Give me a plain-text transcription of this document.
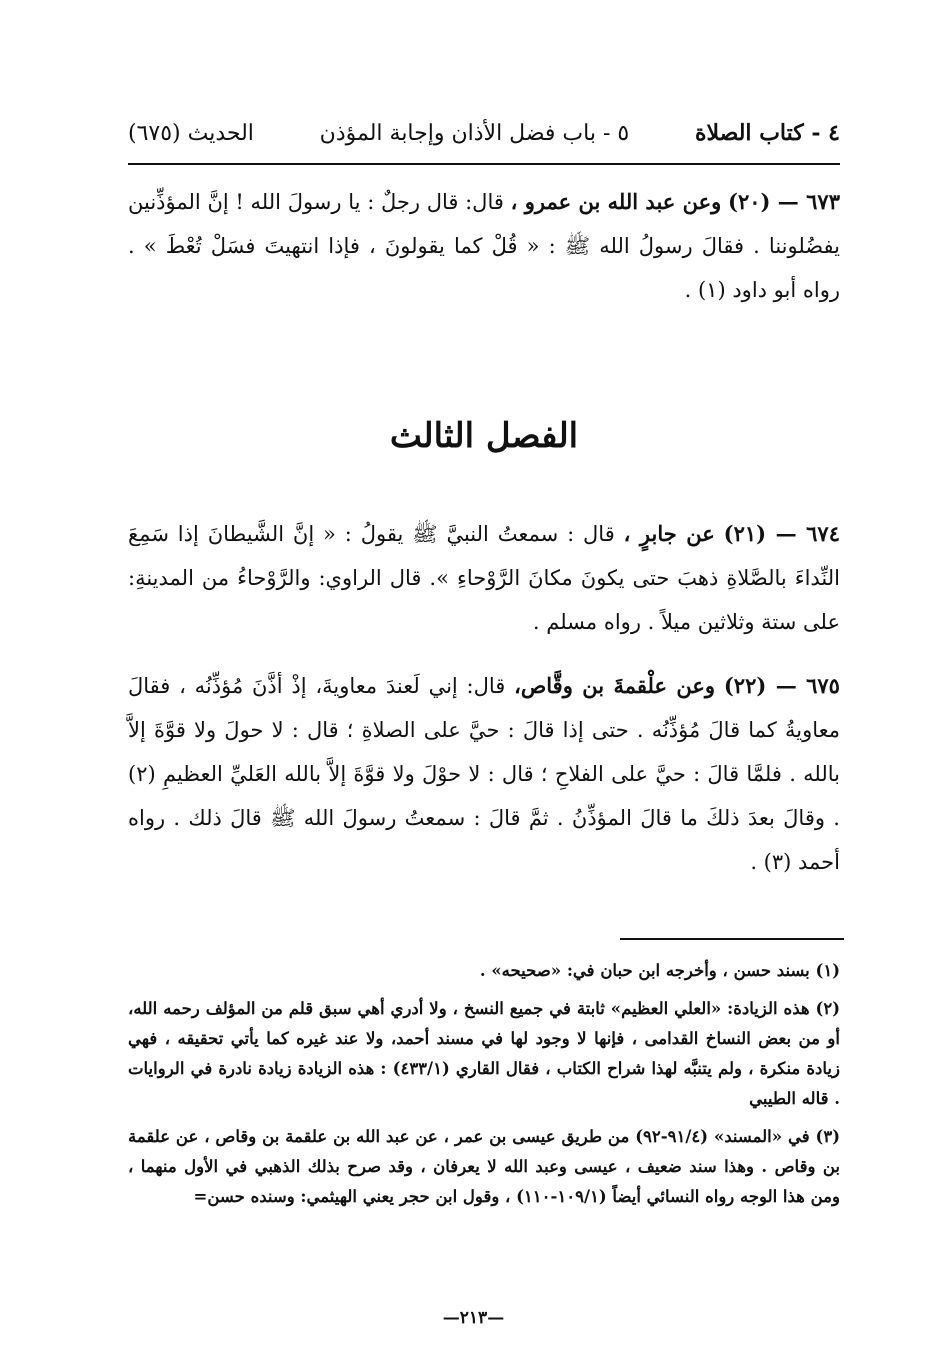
٤ - كتاب الصلاة
٥ - باب فضل الأذان وإجابة المؤذن
الحديث (٦٧٥)
٦٧٣ — (٢٠) وعن عبد الله بن عمرو ، قال: قال رجلٌ : يا رسولَ الله ! إنَّ المؤذِّنين يفضُلوننا . فقالَ رسولُ الله ﷺ : « قُلْ كما يقولونَ ، فإذا انتهيتَ فسَلْ تُعْطَ » . رواه أبو داود (١) .
الفصل الثالث
٦٧٤ — (٢١) عن جابرٍ ، قال : سمعتُ النبيَّ ﷺ يقولُ : « إنَّ الشَّيطانَ إذا سَمِعَ النِّداءَ بالصَّلاةِ ذهبَ حتى يكونَ مكانَ الرَّوْحاءِ ». قال الراوي: والرَّوْحاءُ من المدينةِ: على ستة وثلاثين ميلاً . رواه مسلم .
٦٧٥ — (٢٢) وعن علْقمةَ بن وقَّاص، قال: إني لَعندَ معاويةَ، إذْ أذَّنَ مُؤذِّنُه ، فقالَ معاويةُ كما قالَ مُؤذِّنُه . حتى إذا قالَ : حيَّ على الصلاةِ ؛ قال : لا حولَ ولا قوَّةَ إلاَّ بالله . فلمَّا قالَ : حيَّ على الفلاحِ ؛ قال : لا حوْلَ ولا قوَّةَ إلاَّ بالله العَليِّ العظيمِ (٢) . وقالَ بعدَ ذلكَ ما قالَ المؤذِّنُ . ثمَّ قالَ : سمعتُ رسولَ الله ﷺ قالَ ذلك . رواه أحمد (٣) .

(١) بسند حسن ، وأخرجه ابن حبان في: «صحيحه» .

(٢) هذه الزيادة: «العلي العظيم» ثابتة في جميع النسخ ، ولا أدري أهي سبق قلم من المؤلف رحمه الله، أو من بعض النساخ القدامى ، فإنها لا وجود لها في مسند أحمد، ولا عند غيره كما يأتي تحقيقه ، فهي زيادة منكرة ، ولم يتنبَّه لهذا شراح الكتاب ، فقال القاري (٤٣٣/١) : هذه الزيادة زيادة نادرة في الروايات . قاله الطيبي

(٣) في «المسند» (٩١/٤-٩٢) من طريق عيسى بن عمر ، عن عبد الله بن علقمة بن وقاص ، عن علقمة بن وقاص . وهذا سند ضعيف ، عيسى وعبد الله لا يعرفان ، وقد صرح بذلك الذهبي في الأول منهما ، ومن هذا الوجه رواه النسائي أيضاً (١٠٩/١-١١٠) ، وقول ابن حجر يعني الهيثمي: وسنده حسن=

—٢١٣—
